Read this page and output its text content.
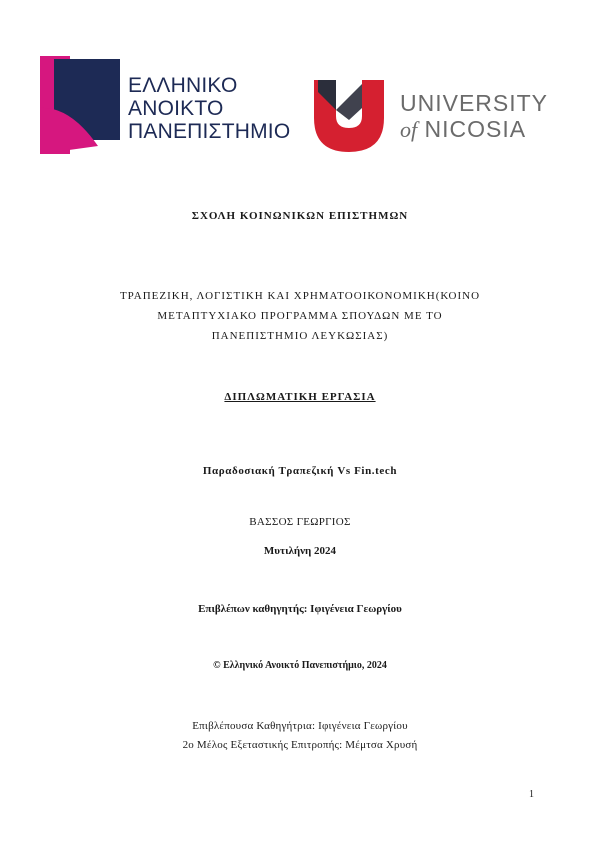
ΕΛΛΗΝΙΚΟ
ΑΝΟΙΚΤΟ
ΠΑΝΕΠΙΣΤΗΜΙΟ
UNIVERSITY
of NICOSIA
ΣΧΟΛΗ ΚΟΙΝΩΝΙΚΩΝ ΕΠΙΣΤΗΜΩΝ
ΤΡΑΠΕΖΙΚΗ, ΛΟΓΙΣΤΙΚΗ ΚΑΙ ΧΡΗΜΑΤΟΟΙΚΟΝΟΜΙΚΗ(ΚΟΙΝΟ
ΜΕΤΑΠΤΥΧΙΑΚΟ ΠΡΟΓΡΑΜΜΑ ΣΠΟΥΔΩΝ ΜΕ ΤΟ
ΠΑΝΕΠΙΣΤΗΜΙΟ ΛΕΥΚΩΣΙΑΣ)
ΔΙΠΛΩΜΑΤΙΚΗ ΕΡΓΑΣΙΑ
Παραδοσιακή Τραπεζική Vs Fin.tech
ΒΑΣΣΟΣ ΓΕΩΡΓΙΟΣ
Μυτιλήνη 2024
Επιβλέπων καθηγητής: Ιφιγένεια Γεωργίου
© Ελληνικό Ανοικτό Πανεπιστήμιο, 2024
Επιβλέπουσα Καθηγήτρια: Ιφιγένεια Γεωργίου
2ο Μέλος Εξεταστικής Επιτροπής: Μέμτσα Χρυσή
1
